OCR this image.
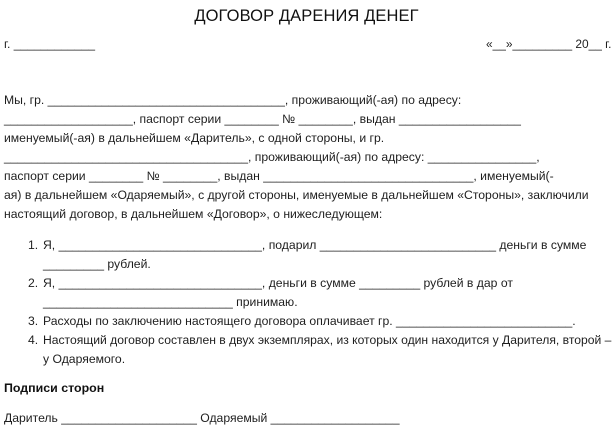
ДОГОВОР ДАРЕНИЯ ДЕНЕГ
г. ____________	«__»_________ 20__ г.
Мы, гр. ___________________________________, проживающий(-ая) по адресу:
___________________, паспорт серии ________ № ________, выдан __________________
именуемый(-ая) в дальнейшем «Даритель», с одной стороны, и гр.
____________________________________, проживающий(-ая) по адресу: ________________,
паспорт серии ________ № ________, выдан _______________________________, именуемый(-
ая) в дальнейшем «Одаряемый», с другой стороны, именуемые в дальнейшем «Стороны», заключили
настоящий договор, в дальнейшем «Договор», о нижеследующем:
1. Я, ______________________________, подарил __________________________ деньги в сумме
_________ рублей.
2. Я, ______________________________, деньги в сумме _________ рублей в дар от
____________________________ принимаю.
3. Расходы по заключению настоящего договора оплачивает гр. __________________________.
4. Настоящий договор составлен в двух экземплярах, из которых один находится у Дарителя, второй –
у Одаряемого.
Подписи сторон
Даритель ____________________ Одаряемый ___________________
